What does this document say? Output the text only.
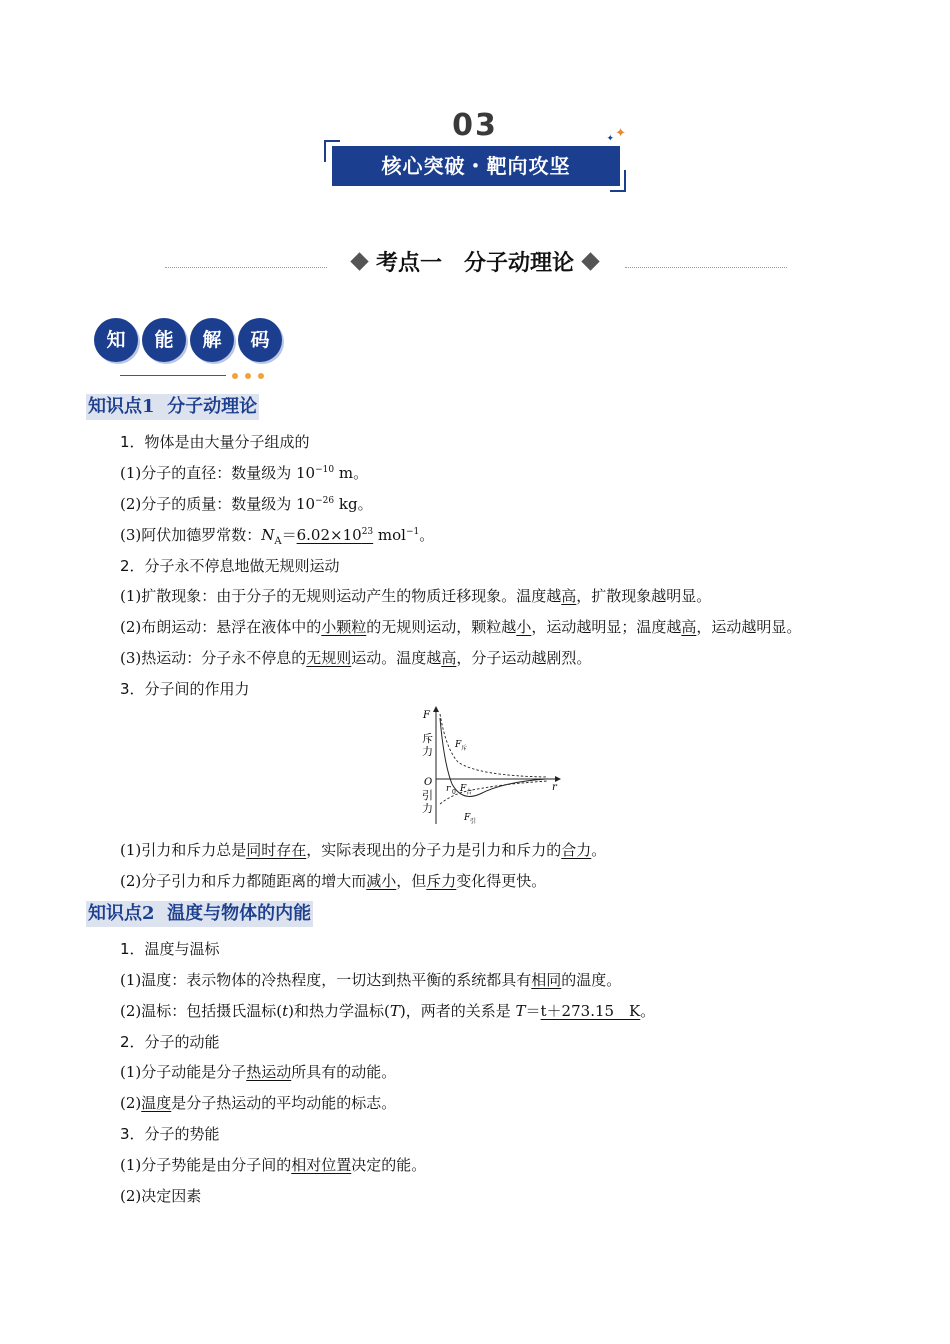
03	✦
✦
核心突破・靶向攻坚
考点一　分子动理论
知	能	解	码
知识点1 分子动理论
1．物体是由大量分子组成的
(1)分子的直径：数量级为 $10^{-10}$ m。
(2)分子的质量：数量级为 $10^{-26}$ kg。
(3)阿伏加德罗常数：$N_A=6.02\times 10^{23}$ mol$^{-1}$。
2．分子永不停息地做无规则运动
(1)扩散现象：由于分子的无规则运动产生的物质迁移现象。温度越高，扩散现象越明显。
(2)布朗运动：悬浮在液体中的小颗粒的无规则运动，颗粒越小，运动越明显；温度越高，运动越明显。
(3)热运动：分子永不停息的无规则运动。温度越高，分子运动越剧烈。
3．分子间的作用力
F
斥
力
O
引
力
r
r 0
F 斥
F 合
F 引
(1)引力和斥力总是同时存在，实际表现出的分子力是引力和斥力的合力。
(2)分子引力和斥力都随距离的增大而减小，但斥力变化得更快。
知识点2 温度与物体的内能
1．温度与温标
(1)温度：表示物体的冷热程度，一切达到热平衡的系统都具有相同的温度。
(2)温标：包括摄氏温标(t)和热力学温标(T)，两者的关系是 T＝t＋273.15　K。
2．分子的动能
(1)分子动能是分子热运动所具有的动能。
(2)温度是分子热运动的平均动能的标志。
3．分子的势能
(1)分子势能是由分子间的相对位置决定的能。
(2)决定因素
